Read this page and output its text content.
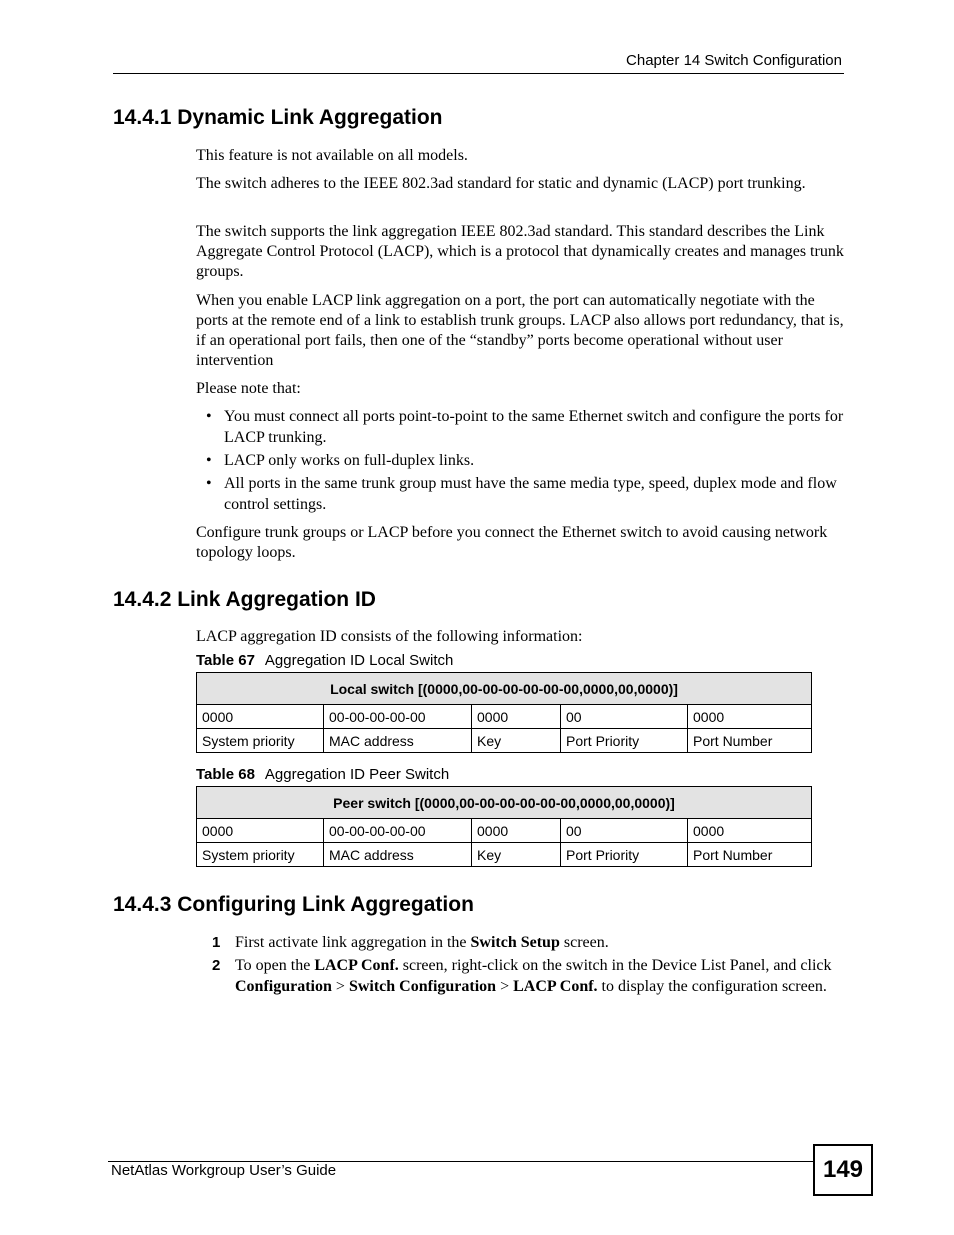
Chapter 14 Switch Configuration
14.4.1 Dynamic Link Aggregation

This feature is not available on all models.

The switch adheres to the IEEE 802.3ad standard for static and dynamic (LACP) port trunking.

The switch supports the link aggregation IEEE 802.3ad standard. This standard describes the Link Aggregate Control Protocol (LACP), which is a protocol that dynamically creates and manages trunk groups.

When you enable LACP link aggregation on a port, the port can automatically negotiate with the ports at the remote end of a link to establish trunk groups. LACP also allows port redundancy, that is, if an operational port fails, then one of the “standby” ports become operational without user intervention

Please note that:

• You must connect all ports point-to-point to the same Ethernet switch and configure the ports for LACP trunking.
• LACP only works on full-duplex links.
• All ports in the same trunk group must have the same media type, speed, duplex mode and flow control settings.

Configure trunk groups or LACP before you connect the Ethernet switch to avoid causing network topology loops.

14.4.2 Link Aggregation ID

LACP aggregation ID consists of the following information:

Table 67 Aggregation ID Local Switch
Local switch [(0000,00-00-00-00-00-00,0000,00,0000)]				
0000	00-00-00-00-00	0000	00	0000
System priority	MAC address	Key	Port Priority	Port Number
Table 68 Aggregation ID Peer Switch
Peer switch [(0000,00-00-00-00-00-00,0000,00,0000)]				
0000	00-00-00-00-00	0000	00	0000
System priority	MAC address	Key	Port Priority	Port Number
14.4.3 Configuring Link Aggregation
1 First activate link aggregation in the Switch Setup screen.
2 To open the LACP Conf. screen, right-click on the switch in the Device List Panel, and click   Configuration > Switch Configuration > LACP Conf. to display the configuration screen.
NetAtlas Workgroup User’s Guide	149
